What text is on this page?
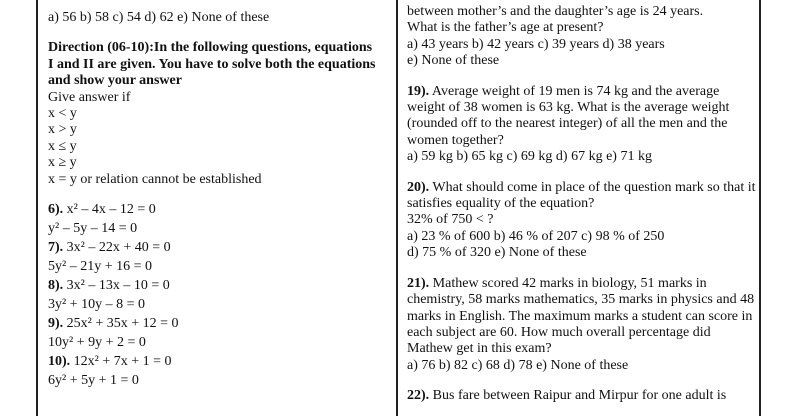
a) 56 b) 58 c) 54 d) 62 e) None of these
Direction (06-10):In the following questions, equations I and II are given. You have to solve both the equations and show your answer
Give answer if
x < y
x > y
x ≤ y
x ≥ y
x = y or relation cannot be established
6). x² – 4x – 12 = 0
y² – 5y – 14 = 0
7). 3x² – 22x + 40 = 0
5y² – 21y + 16 = 0
8). 3x² – 13x – 10 = 0
3y² + 10y – 8 = 0
9). 25x² + 35x + 12 = 0
10y² + 9y + 2 = 0
10). 12x² + 7x + 1 = 0
6y² + 5y + 1 = 0
between mother’s and the daughter’s age is 24 years.
What is the father’s age at present?
a) 43 years b) 42 years c) 39 years d) 38 years
e) None of these
19). Average weight of 19 men is 74 kg and the average weight of 38 women is 63 kg. What is the average weight (rounded off to the nearest integer) of all the men and the women together?
a) 59 kg b) 65 kg c) 69 kg d) 67 kg e) 71 kg
20). What should come in place of the question mark so that it satisfies equality of the equation?
32% of 750 < ?
a) 23 % of 600 b) 46 % of 207 c) 98 % of 250
d) 75 % of 320 e) None of these
21). Mathew scored 42 marks in biology, 51 marks in chemistry, 58 marks mathematics, 35 marks in physics and 48 marks in English. The maximum marks a student can score in each subject are 60. How much overall percentage did Mathew get in this exam?
a) 76 b) 82 c) 68 d) 78 e) None of these
22). Bus fare between Raipur and Mirpur for one adult is
